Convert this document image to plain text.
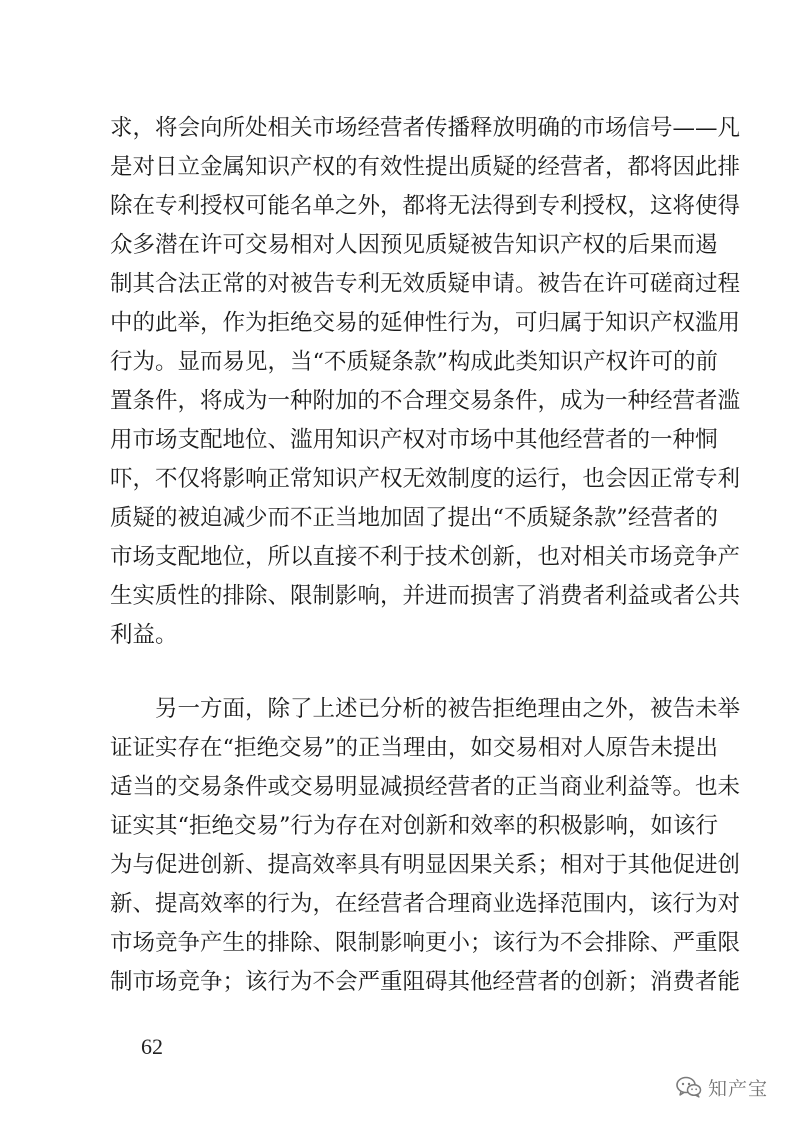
求，将会向所处相关市场经营者传播释放明确的市场信号——凡
是对日立金属知识产权的有效性提出质疑的经营者，都将因此排
除在专利授权可能名单之外，都将无法得到专利授权，这将使得
众多潜在许可交易相对人因预见质疑被告知识产权的后果而遏
制其合法正常的对被告专利无效质疑申请。被告在许可磋商过程
中的此举，作为拒绝交易的延伸性行为，可归属于知识产权滥用
行为。显而易见，当“不质疑条款”构成此类知识产权许可的前
置条件，将成为一种附加的不合理交易条件，成为一种经营者滥
用市场支配地位、滥用知识产权对市场中其他经营者的一种恫
吓，不仅将影响正常知识产权无效制度的运行，也会因正常专利
质疑的被迫减少而不正当地加固了提出“不质疑条款”经营者的
市场支配地位，所以直接不利于技术创新，也对相关市场竞争产
生实质性的排除、限制影响，并进而损害了消费者利益或者公共
利益。
另一方面，除了上述已分析的被告拒绝理由之外，被告未举
证证实存在“拒绝交易”的正当理由，如交易相对人原告未提出
适当的交易条件或交易明显减损经营者的正当商业利益等。也未
证实其“拒绝交易”行为存在对创新和效率的积极影响，如该行
为与促进创新、提高效率具有明显因果关系；相对于其他促进创
新、提高效率的行为，在经营者合理商业选择范围内，该行为对
市场竞争产生的排除、限制影响更小；该行为不会排除、严重限
制市场竞争；该行为不会严重阻碍其他经营者的创新；消费者能
62
知产宝
